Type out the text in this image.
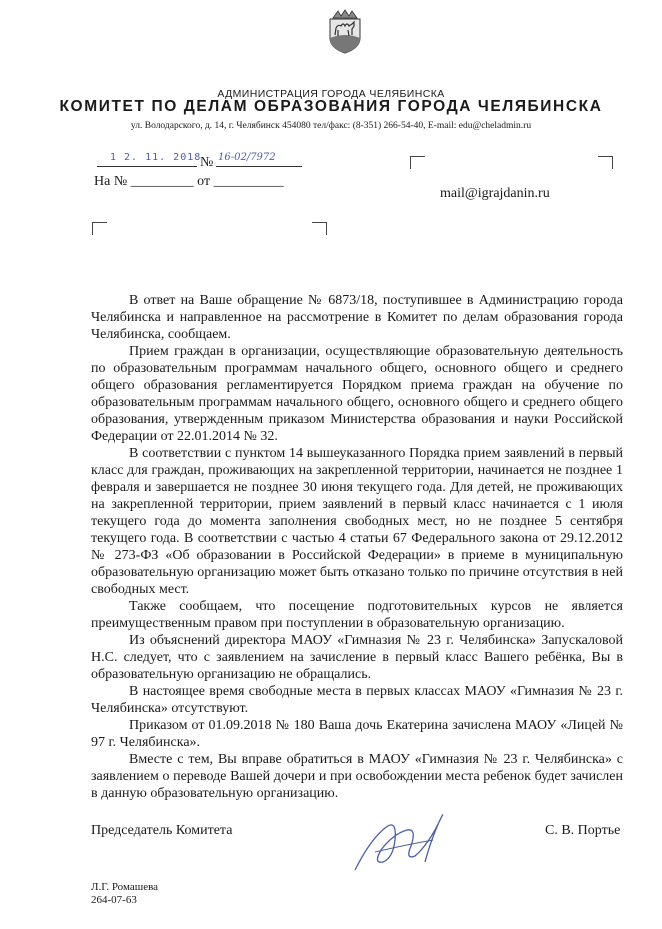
АДМИНИСТРАЦИЯ ГОРОДА ЧЕЛЯБИНСКА
КОМИТЕТ ПО ДЕЛАМ ОБРАЗОВАНИЯ ГОРОДА ЧЕЛЯБИНСКА
ул. Володарского, д. 14, г. Челябинск 454080 тел/факс: (8-351) 266-54-40, E-mail: edu@cheladmin.ru
1 2. 11. 2018
№ 16-02/7972
На № _________ от __________
mail@igrajdanin.ru

В ответ на Ваше обращение № 6873/18, поступившее в Администрацию города Челябинска и направленное на рассмотрение в Комитет по делам образования города Челябинска, сообщаем.

Прием граждан в организации, осуществляющие образовательную деятельность по образовательным программам начального общего, основного общего и среднего общего образования регламентируется Порядком приема граждан на обучение по образовательным программам начального общего, основного общего и среднего общего образования, утвержденным приказом Министерства образования и науки Российской Федерации от 22.01.2014 № 32.

В соответствии с пунктом 14 вышеуказанного Порядка прием заявлений в первый класс для граждан, проживающих на закрепленной территории, начинается не позднее 1 февраля и завершается не позднее 30 июня текущего года. Для детей, не проживающих на закрепленной территории, прием заявлений в первый класс начинается с 1 июля текущего года до момента заполнения свободных мест, но не позднее 5 сентября текущего года. В соответствии с частью 4 статьи 67 Федерального закона от 29.12.2012 № 273-ФЗ «Об образовании в Российской Федерации» в приеме в муниципальную образовательную организацию может быть отказано только по причине отсутствия в ней свободных мест.

Также сообщаем, что посещение подготовительных курсов не является преимущественным правом при поступлении в образовательную организацию.

Из объяснений директора МАОУ «Гимназия № 23 г. Челябинска» Запускаловой Н.С. следует, что с заявлением на зачисление в первый класс Вашего ребёнка, Вы в образовательную организацию не обращались.

В настоящее время свободные места в первых классах МАОУ «Гимназия № 23 г. Челябинска» отсутствуют.

Приказом от 01.09.2018 № 180 Ваша дочь Екатерина зачислена МАОУ «Лицей № 97 г. Челябинска».

Вместе с тем, Вы вправе обратиться в МАОУ «Гимназия № 23 г. Челябинска» с заявлением о переводе Вашей дочери и при освобождении места ребенок будет зачислен в данную образовательную организацию.

Председатель Комитета	С. В. Портье
Л.Г. Ромашева
264-07-63
